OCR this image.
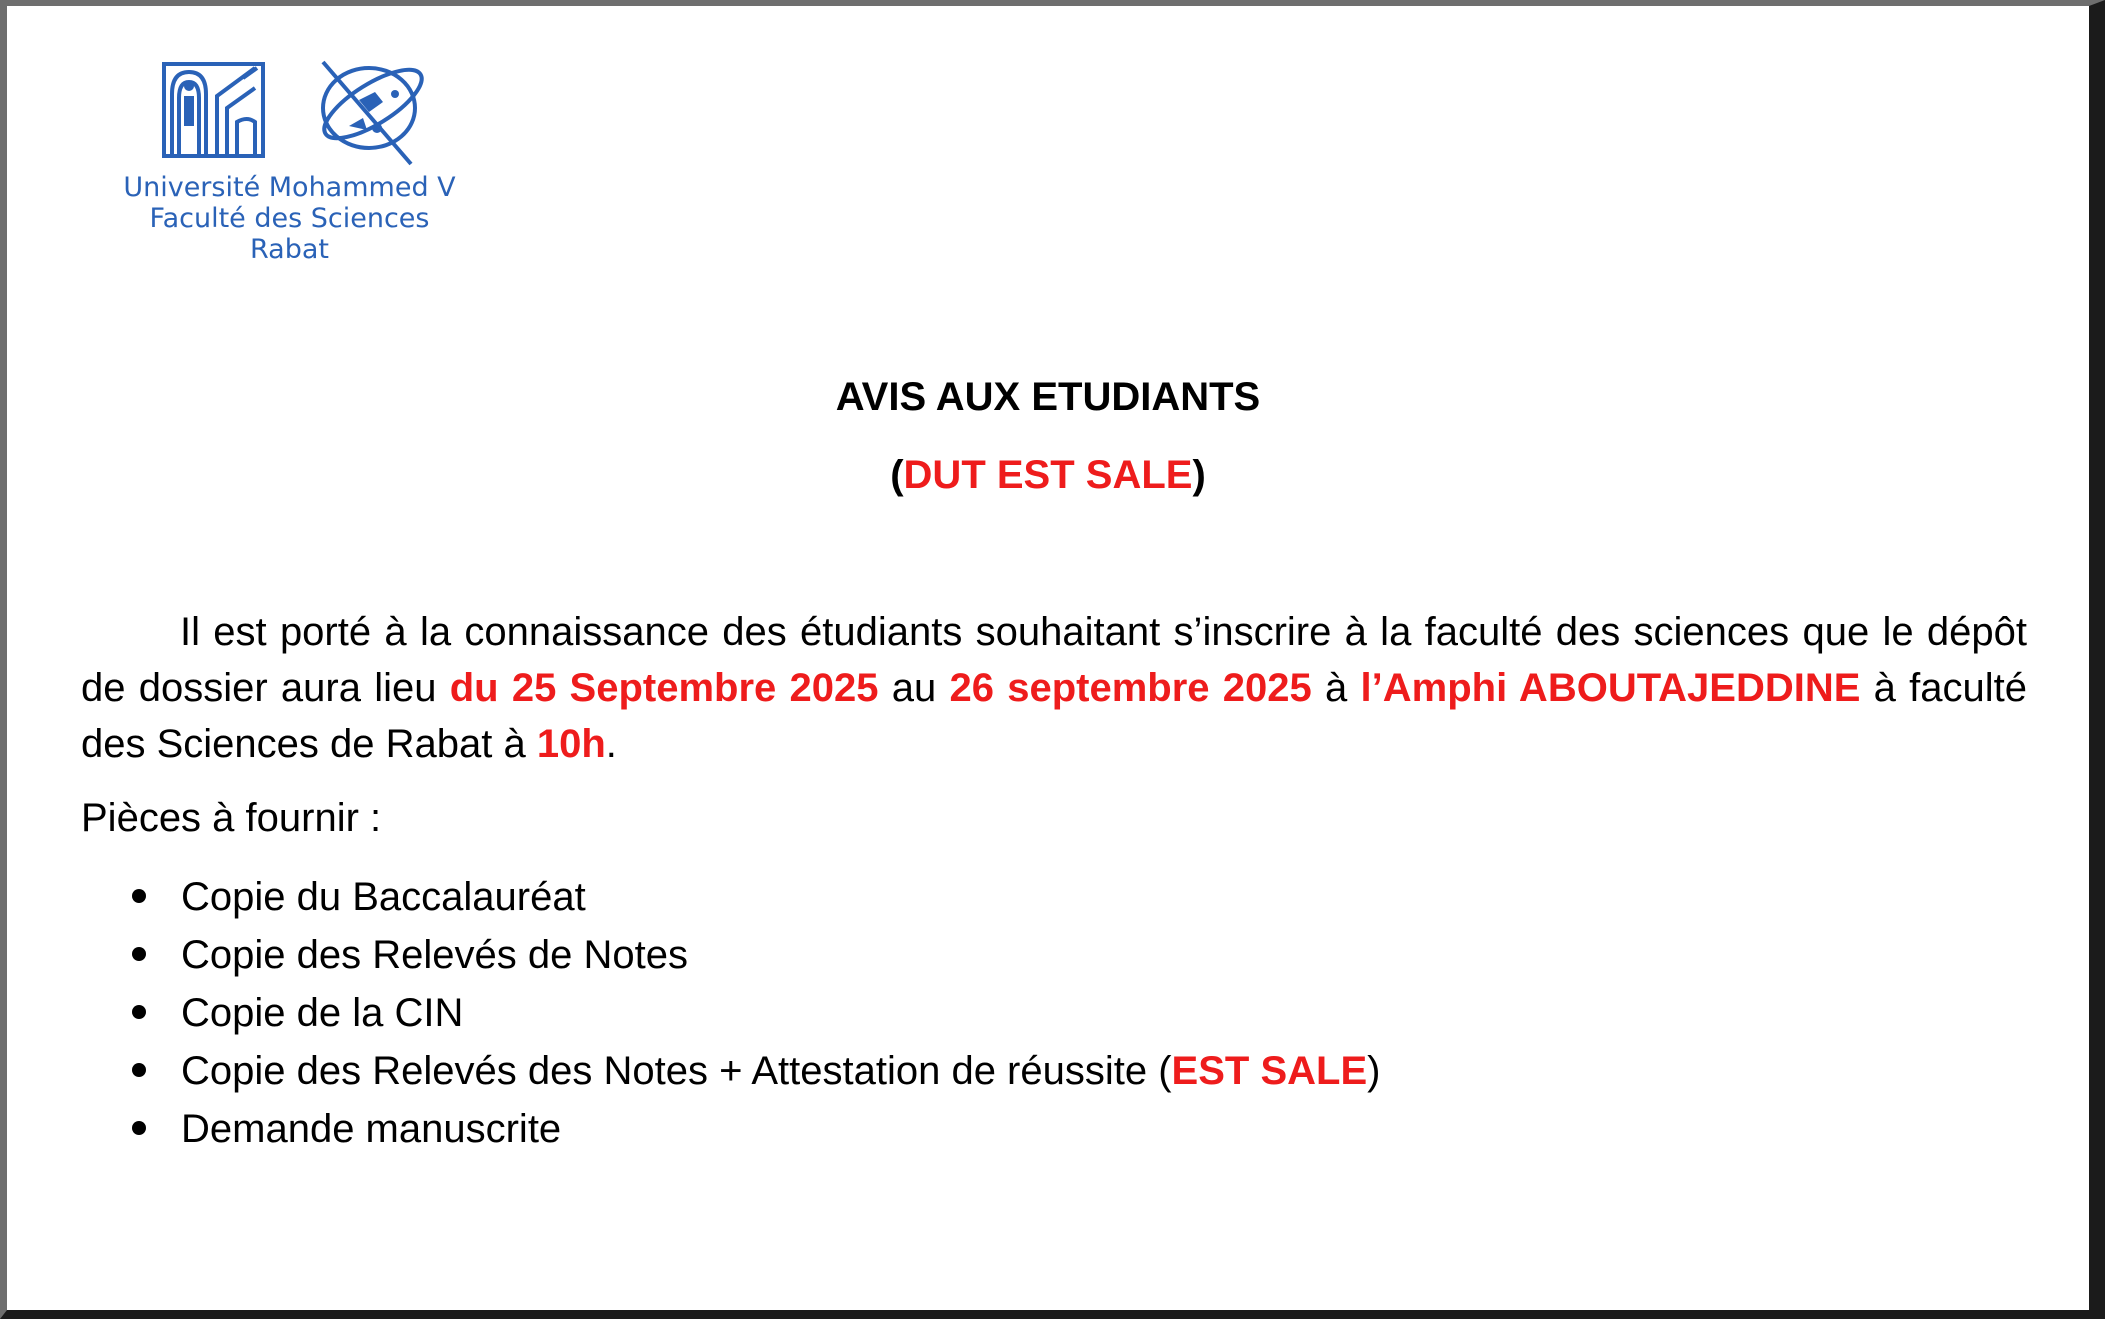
Université Mohammed V
Faculté des Sciences
Rabat
AVIS AUX ETUDIANTS
(DUT EST SALE)
Il est porté à la connaissance des étudiants souhaitant s’inscrire à la faculté des sciences que le dépôt de dossier aura lieu du 25 Septembre 2025 au 26 septembre 2025 à l’Amphi ABOUTAJEDDINE à faculté des Sciences de Rabat à 10h.
Pièces à fournir :
Copie du Baccalauréat
Copie des Relevés de Notes
Copie de la CIN
Copie des Relevés des Notes + Attestation de réussite (EST SALE)
Demande manuscrite
